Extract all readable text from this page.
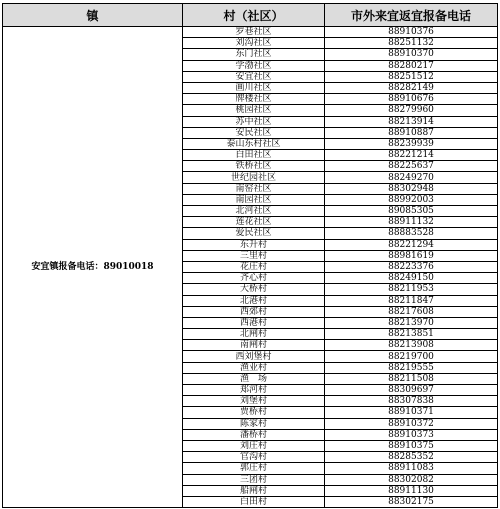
镇	村（社区）	市外来宜返宜报备电话
安宜镇报备电话：89010018	罗巷社区	88910376
	刘沟社区	88251132
	东门社区	88910370
	学渤社区	88280217
	安宜社区	88251512
	画川社区	88282149
	牌楼社区	88910676
	桃园社区	88279960
	苏中社区	88213914
	安民社区	88910887
	泰山东村社区	88239939
	白田社区	88221214
	铁桥社区	88225637
	世纪园社区	88249270
	南窑社区	88302948
	南园社区	88992003
	北河社区	89085305
	莲花社区	88911132
	爱民社区	88883528
	东升村	88221294
	三里村	88981619
	花庄村	88223376
	齐心村	88249150
	大桥村	88211953
	北港村	88211847
	西郊村	88217608
	西港村	88213970
	北闸村	88213851
	南闸村	88213908
	西刘堡村	88219700
	渔业村	88219555
	渔　场	88211508
	郑河村	88309697
	刘堡村	88307838
	贾桥村	88910371
	陈家村	88910372
	潘桥村	88910373
	刘庄村	88910375
	官沟村	88285352
	郭庄村	88911083
	三团村	88302082
	船闸村	88911130
	白田村	88302175
